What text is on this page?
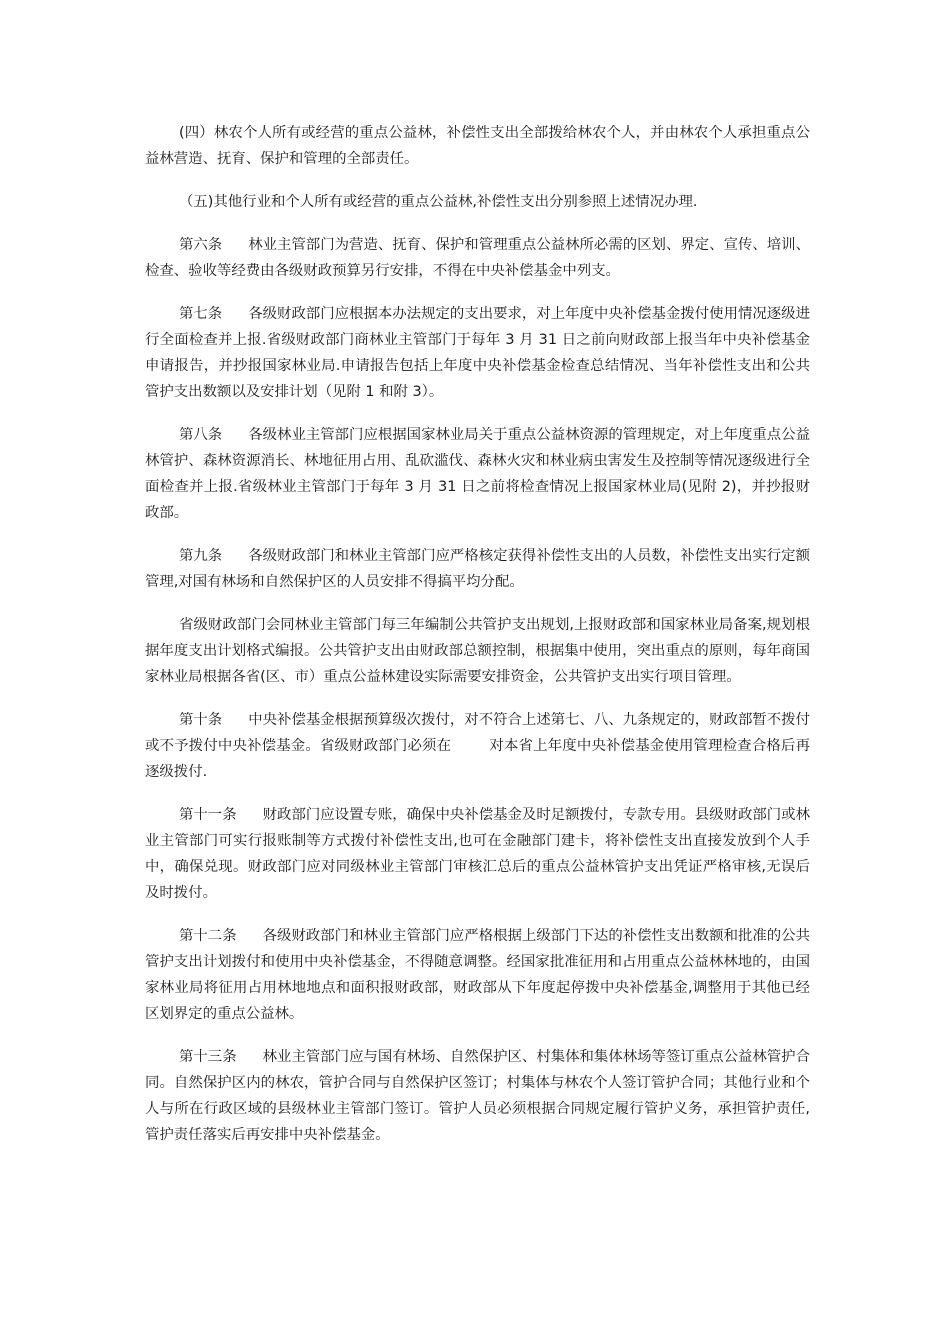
(四）林农个人所有或经营的重点公益林，补偿性支出全部拨给林农个人，并由林农个人承担重点公益林营造、抚育、保护和管理的全部责任。

（五)其他行业和个人所有或经营的重点公益林,补偿性支出分别参照上述情况办理.

第六条 林业主管部门为营造、抚育、保护和管理重点公益林所必需的区划、界定、宣传、培训、检查、验收等经费由各级财政预算另行安排，不得在中央补偿基金中列支。

第七条 各级财政部门应根据本办法规定的支出要求，对上年度中央补偿基金拨付使用情况逐级进行全面检查并上报.省级财政部门商林业主管部门于每年 3 月 31 日之前向财政部上报当年中央补偿基金申请报告，并抄报国家林业局.申请报告包括上年度中央补偿基金检查总结情况、当年补偿性支出和公共管护支出数额以及安排计划（见附 1 和附 3）。

第八条 各级林业主管部门应根据国家林业局关于重点公益林资源的管理规定，对上年度重点公益林管护、森林资源消长、林地征用占用、乱砍滥伐、森林火灾和林业病虫害发生及控制等情况逐级进行全面检查并上报.省级林业主管部门于每年 3 月 31 日之前将检查情况上报国家林业局(见附 2)，并抄报财政部。

第九条 各级财政部门和林业主管部门应严格核定获得补偿性支出的人员数，补偿性支出实行定额管理,对国有林场和自然保护区的人员安排不得搞平均分配。

省级财政部门会同林业主管部门每三年编制公共管护支出规划,上报财政部和国家林业局备案,规划根据年度支出计划格式编报。公共管护支出由财政部总额控制，根据集中使用，突出重点的原则，每年商国家林业局根据各省(区、市）重点公益林建设实际需要安排资金，公共管护支出实行项目管理。

第十条 中央补偿基金根据预算级次拨付，对不符合上述第七、八、九条规定的，财政部暂不拨付或不予拨付中央补偿基金。省级财政部门必须在	对本省上年度中央补偿基金使用管理检查合格后再逐级拨付.

第十一条 财政部门应设置专账，确保中央补偿基金及时足额拨付，专款专用。县级财政部门或林业主管部门可实行报账制等方式拨付补偿性支出,也可在金融部门建卡，将补偿性支出直接发放到个人手中，确保兑现。财政部门应对同级林业主管部门审核汇总后的重点公益林管护支出凭证严格审核,无误后及时拨付。

第十二条 各级财政部门和林业主管部门应严格根据上级部门下达的补偿性支出数额和批准的公共管护支出计划拨付和使用中央补偿基金，不得随意调整。经国家批准征用和占用重点公益林林地的，由国家林业局将征用占用林地地点和面积报财政部，财政部从下年度起停拨中央补偿基金,调整用于其他已经区划界定的重点公益林。

第十三条 林业主管部门应与国有林场、自然保护区、村集体和集体林场等签订重点公益林管护合同。自然保护区内的林农，管护合同与自然保护区签订；村集体与林农个人签订管护合同；其他行业和个人与所在行政区域的县级林业主管部门签订。管护人员必须根据合同规定履行管护义务，承担管护责任,管护责任落实后再安排中央补偿基金。
